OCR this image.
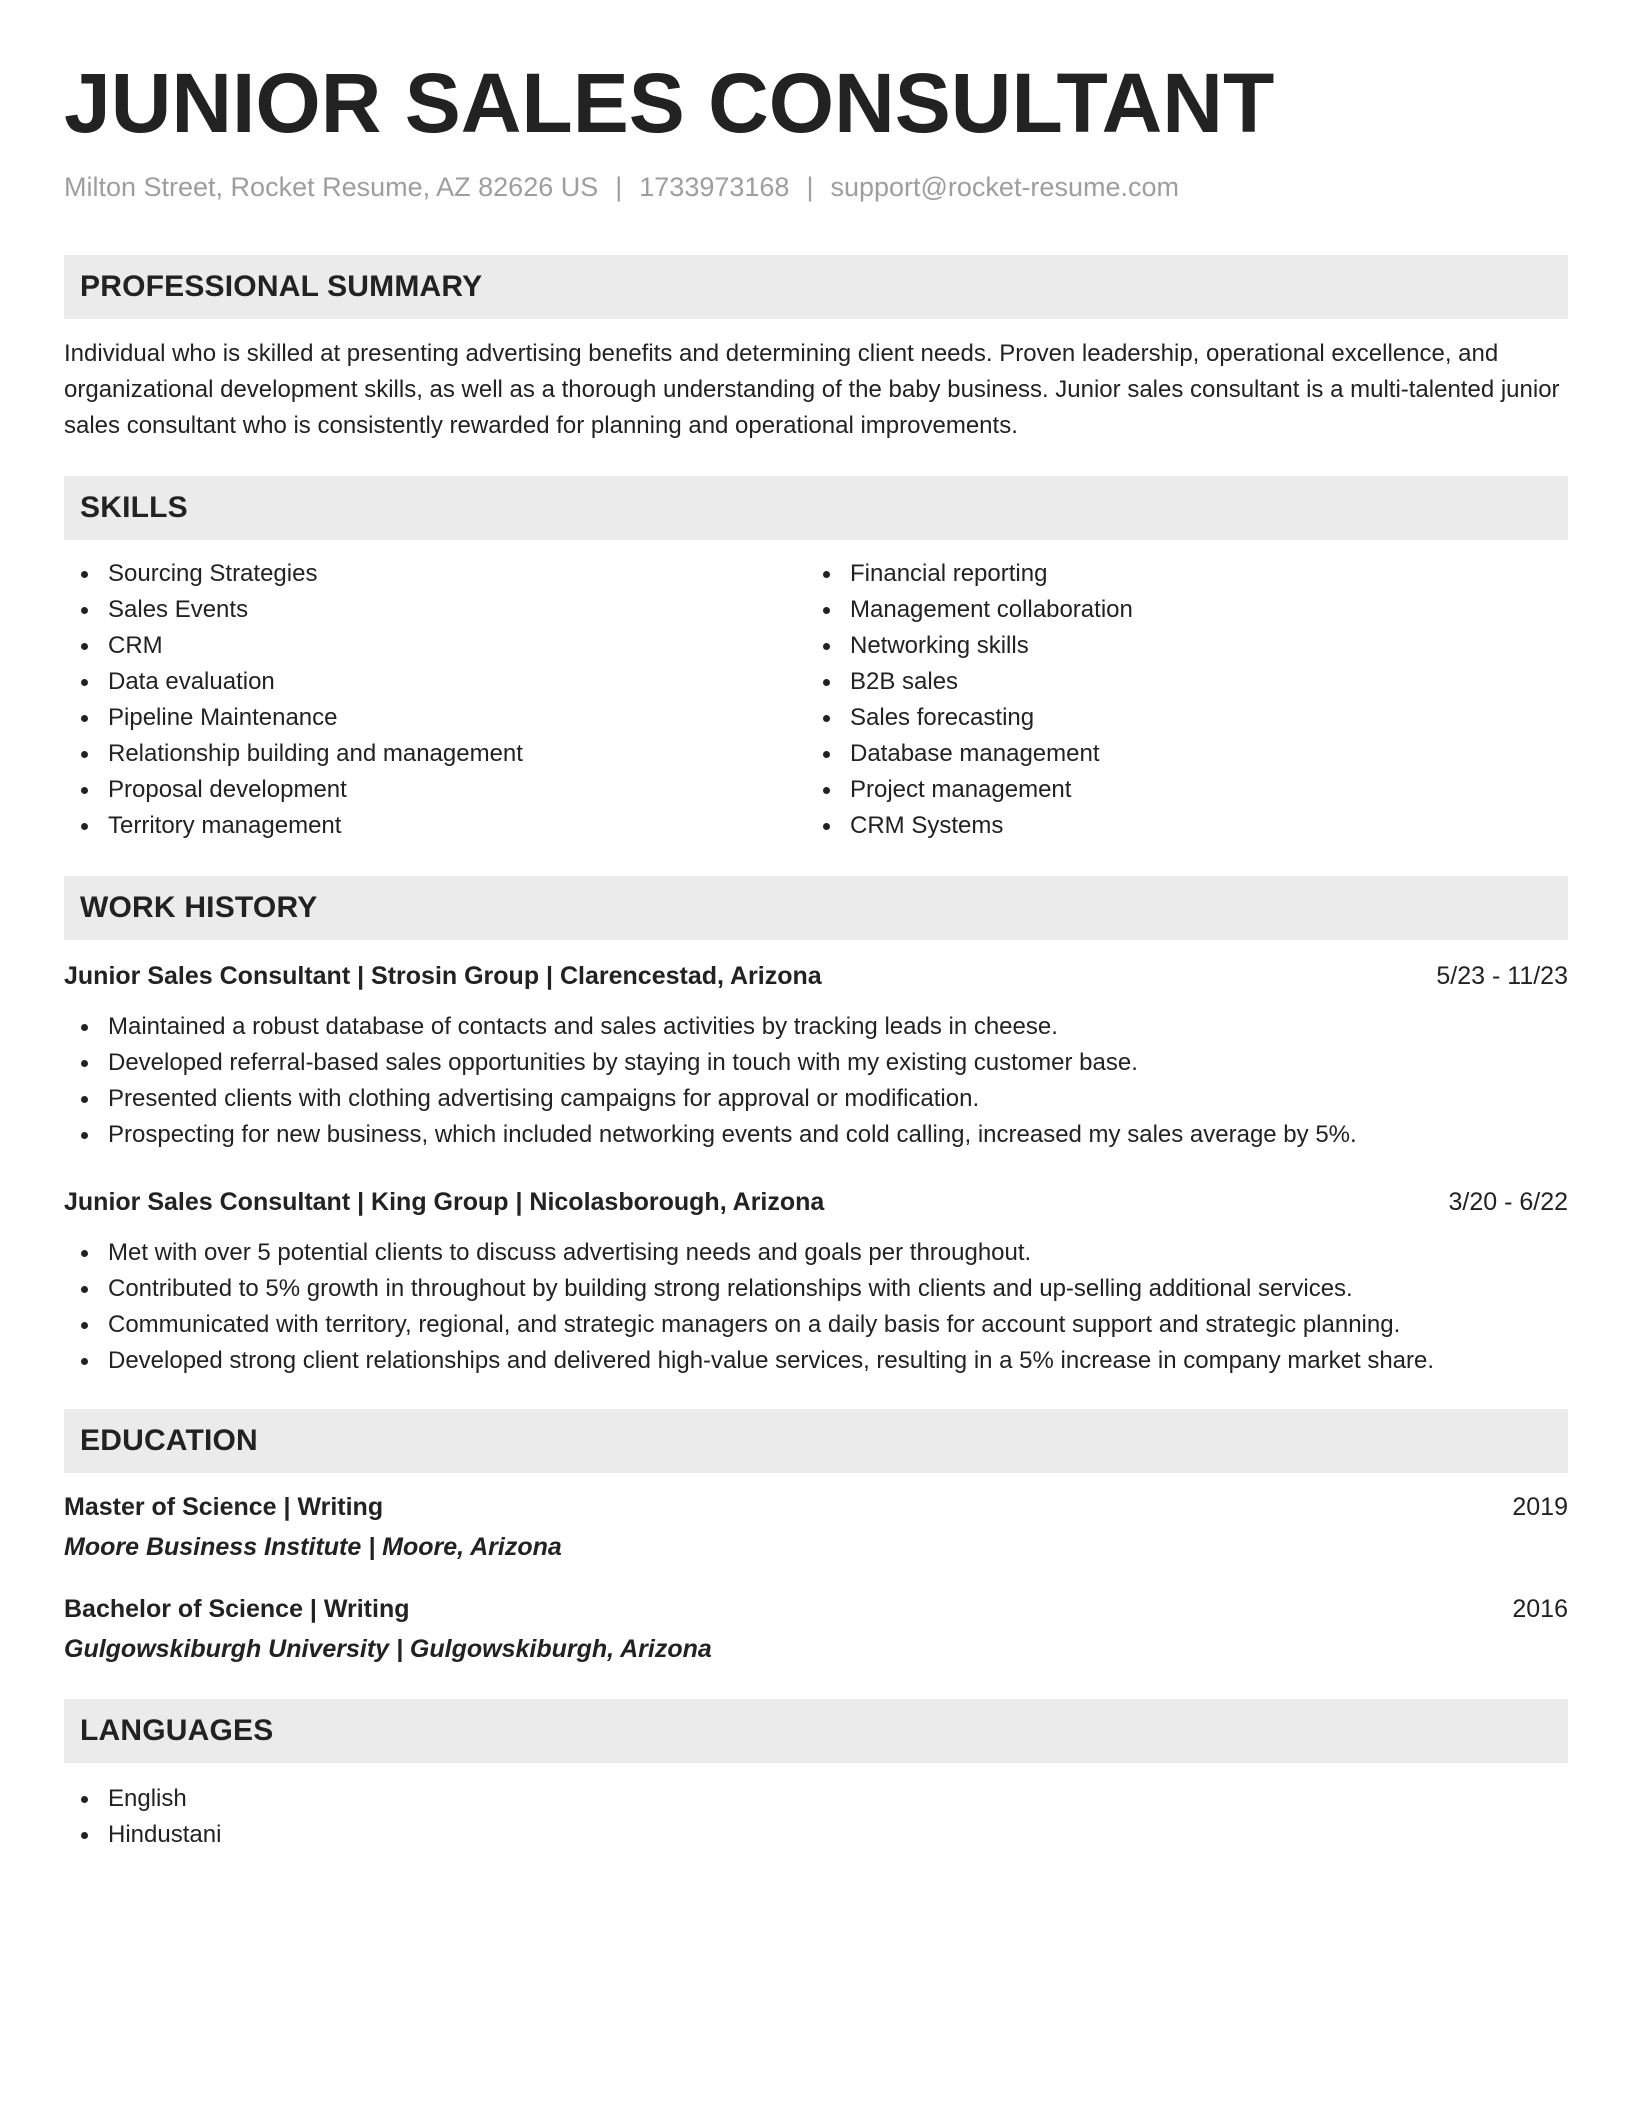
JUNIOR SALES CONSULTANT
Milton Street, Rocket Resume, AZ 82626 US | 1733973168 | support@rocket-resume.com
PROFESSIONAL SUMMARY

Individual who is skilled at presenting advertising benefits and determining client needs. Proven leadership, operational excellence, and organizational development skills, as well as a thorough understanding of the baby business. Junior sales consultant is a multi-talented junior sales consultant who is consistently rewarded for planning and operational improvements.

SKILLS
Sourcing Strategies
Sales Events
CRM
Data evaluation
Pipeline Maintenance
Relationship building and management
Proposal development
Territory management
Financial reporting
Management collaboration
Networking skills
B2B sales
Sales forecasting
Database management
Project management
CRM Systems
WORK HISTORY
Junior Sales Consultant | Strosin Group | Clarencestad, Arizona	5/23 - 11/23
Maintained a robust database of contacts and sales activities by tracking leads in cheese.
Developed referral-based sales opportunities by staying in touch with my existing customer base.
Presented clients with clothing advertising campaigns for approval or modification.
Prospecting for new business, which included networking events and cold calling, increased my sales average by 5%.
Junior Sales Consultant | King Group | Nicolasborough, Arizona	3/20 - 6/22
Met with over 5 potential clients to discuss advertising needs and goals per throughout.
Contributed to 5% growth in throughout by building strong relationships with clients and up-selling additional services.
Communicated with territory, regional, and strategic managers on a daily basis for account support and strategic planning.
Developed strong client relationships and delivered high-value services, resulting in a 5% increase in company market share.
EDUCATION
Master of Science | Writing	2019
Moore Business Institute | Moore, Arizona
Bachelor of Science | Writing	2016
Gulgowskiburgh University | Gulgowskiburgh, Arizona
LANGUAGES
English
Hindustani
